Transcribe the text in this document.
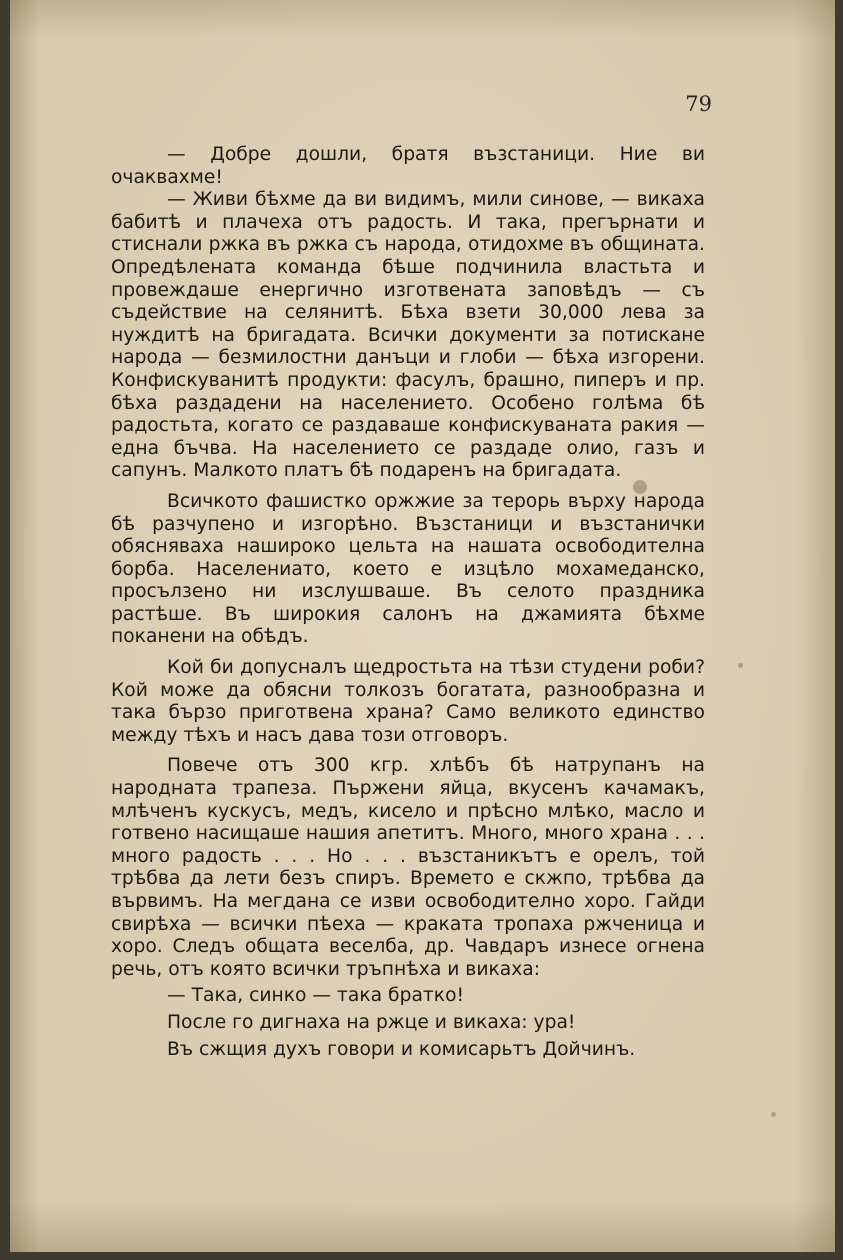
79

— Добре дошли, братя възстаници. Ние ви очаквахме!

— Живи бѣхме да ви видимъ, мили синове, — викаха бабитѣ и плачеха отъ радость. И така, прегърнати и стиснали ржка въ ржка съ народа, отидохме въ общината. Опредѣлената команда бѣше подчинила властьта и провеждаше енергично изготвената заповѣдъ — съ съдействие на селянитѣ. Бѣха взети 30,000 лева за нуждитѣ на бригадата. Всички документи за потискане народа — безмилостни данъци и глоби — бѣха изгорени. Конфискуванитѣ продукти: фасулъ, брашно, пиперъ и пр. бѣха раздадени на населението. Особено голѣма бѣ радостьта, когато се раздаваше конфискуваната ракия — една бъчва. На населението се раздаде олио, газъ и сапунъ. Малкото платъ бѣ подаренъ на бригадата.

Всичкото фашистко оржжие за терорь върху народа бѣ разчупено и изгорѣно. Възстаници и възстанички обясняваха нашироко цельта на нашата освободителна борба. Населениато, което е изцѣло мохамеданско, просълзено ни изслушваше. Въ селото праздника растѣше. Въ широкия салонъ на джамията бѣхме поканени на обѣдъ.

Кой би допусналъ щедростьта на тѣзи студени роби? Кой може да обясни толкозъ богатата, разнообразна и така бързо приготвена храна? Само великото единство между тѣхъ и насъ дава този отговоръ.

Повече отъ 300 кгр. хлѣбъ бѣ натрупанъ на народната трапеза. Пържени яйца, вкусенъ качамакъ, млѣченъ кускусъ, медъ, кисело и прѣсно млѣко, масло и готвено насищаше нашия апетитъ. Много, много храна . . . много радость . . . Но . . . възстаникътъ е орелъ, той трѣбва да лети безъ спиръ. Времето е скжпо, трѣбва да вървимъ. На мегдана се изви освободително хоро. Гайди свирѣха — всички пѣеха — краката тропаха ржченица и хоро. Следъ общата веселба, др. Чавдаръ изнесе огнена речь, отъ която всички тръпнѣха и викаха:

— Така, синко — така братко!

После го дигнаха на ржце и викаха: ура!

Въ сжщия духъ говори и комисарьтъ Дойчинъ.
